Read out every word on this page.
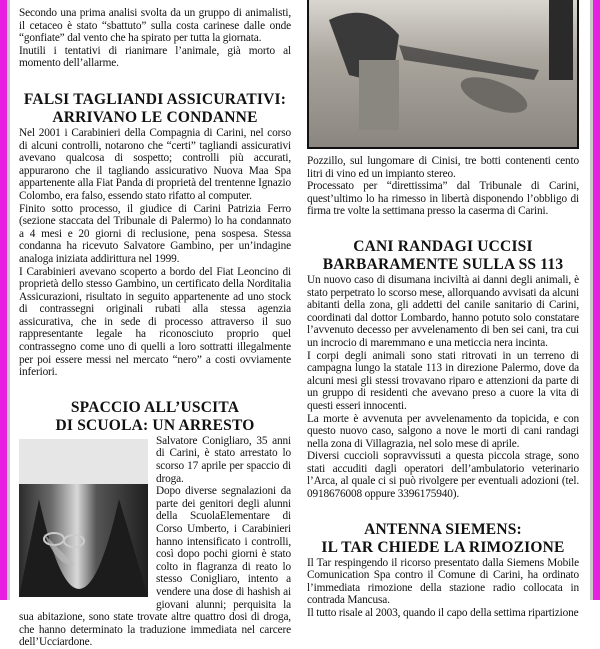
Secondo una prima analisi svolta da un gruppo di animalisti, il cetaceo è stato “sbattuto” sulla costa carinese dalle onde “gonfiate” dal vento che ha spirato per tutta la giornata.

Inutili i tentativi di rianimare l’animale, già morto al momento dell’allarme.

FALSI TAGLIANDI ASSICURATIVI:
ARRIVANO LE CONDANNE

Nel 2001 i Carabinieri della Compagnia di Carini, nel corso di alcuni controlli, notarono che “certi” tagliandi assicurativi avevano qualcosa di sospetto; controlli più accurati, appurarono che il tagliando assicurativo Nuova Maa Spa appartenente alla Fiat Panda di proprietà del trentenne Ignazio Colombo, era falso, essendo stato rifatto al computer.

Finito sotto processo, il giudice di Carini Patrizia Ferro (sezione staccata del Tribunale di Palermo) lo ha condannato a 4 mesi e 20 giorni di reclusione, pena sospesa. Stessa condanna ha ricevuto Salvatore Gambino, per un’indagine analoga iniziata addirittura nel 1999.

I Carabinieri avevano scoperto a bordo del Fiat Leoncino di proprietà dello stesso Gambino, un certificato della Norditalia Assicurazioni, risultato in seguito appartenente ad uno stock di contrassegni originali rubati alla stessa agenzia assicurativa, che in sede di processo attraverso il suo rappresentante legale ha riconosciuto proprio quel contrassegno come uno di quelli a loro sottratti illegalmente per poi essere messi nel mercato “nero” a costi ovviamente inferiori.

SPACCIO ALL’USCITA
DI SCUOLA: UN ARRESTO

Salvatore Conigliaro, 35 anni di Carini, è stato arrestato lo scorso 17 aprile per spaccio di droga.

Dopo diverse segnalazioni da parte dei genitori degli alunni della ScuolaElementare di Corso Umberto, i Carabinieri hanno intensificato i controlli, così dopo pochi giorni è stato colto in flagranza di reato lo stesso Conigliaro, intento a vendere una dose di hashish ai giovani alunni; perquisita la sua abitazione, sono state trovate altre quattro dosi di droga, che hanno determinato la traduzione immediata nel carcere dell’Ucciardone.

Pozzillo, sul lungomare di Cinisi, tre botti contenenti cento litri di vino ed un impianto stereo.

Processato per “direttissima” dal Tribunale di Carini, quest’ultimo lo ha rimesso in libertà disponendo l’obbligo di firma tre volte la settimana presso la caserma di Carini.

CANI RANDAGI UCCISI
BARBARAMENTE SULLA SS 113

Un nuovo caso di disumana inciviltà ai danni degli animali, è stato perpetrato lo scorso mese, allorquando avvisati da alcuni abitanti della zona, gli addetti del canile sanitario di Carini, coordinati dal dottor Lombardo, hanno potuto solo constatare l’avvenuto decesso per avvelenamento di ben sei cani, tra cui un incrocio di maremmano e una meticcia nera incinta.

I corpi degli animali sono stati ritrovati in un terreno di campagna lungo la statale 113 in direzione Palermo, dove da alcuni mesi gli stessi trovavano riparo e attenzioni da parte di un gruppo di residenti che avevano preso a cuore la vita di questi esseri innocenti.

La morte è avvenuta per avvelenamento da topicida, e con questo nuovo caso, salgono a nove le morti di cani randagi nella zona di Villagrazia, nel solo mese di aprile.

Diversi cuccioli sopravvissuti a questa piccola strage, sono stati accuditi dagli operatori dell’ambulatorio veterinario l’Arca, al quale ci si può rivolgere per eventuali adozioni (tel. 0918676008 oppure 3396175940).

ANTENNA SIEMENS:
IL TAR CHIEDE LA RIMOZIONE

Il Tar respingendo il ricorso presentato dalla Siemens Mobile Comunication Spa contro il Comune di Carini, ha ordinato l’immediata rimozione della stazione radio collocata in contrada Mancusa.

Il tutto risale al 2003, quando il capo della settima ripartizione
